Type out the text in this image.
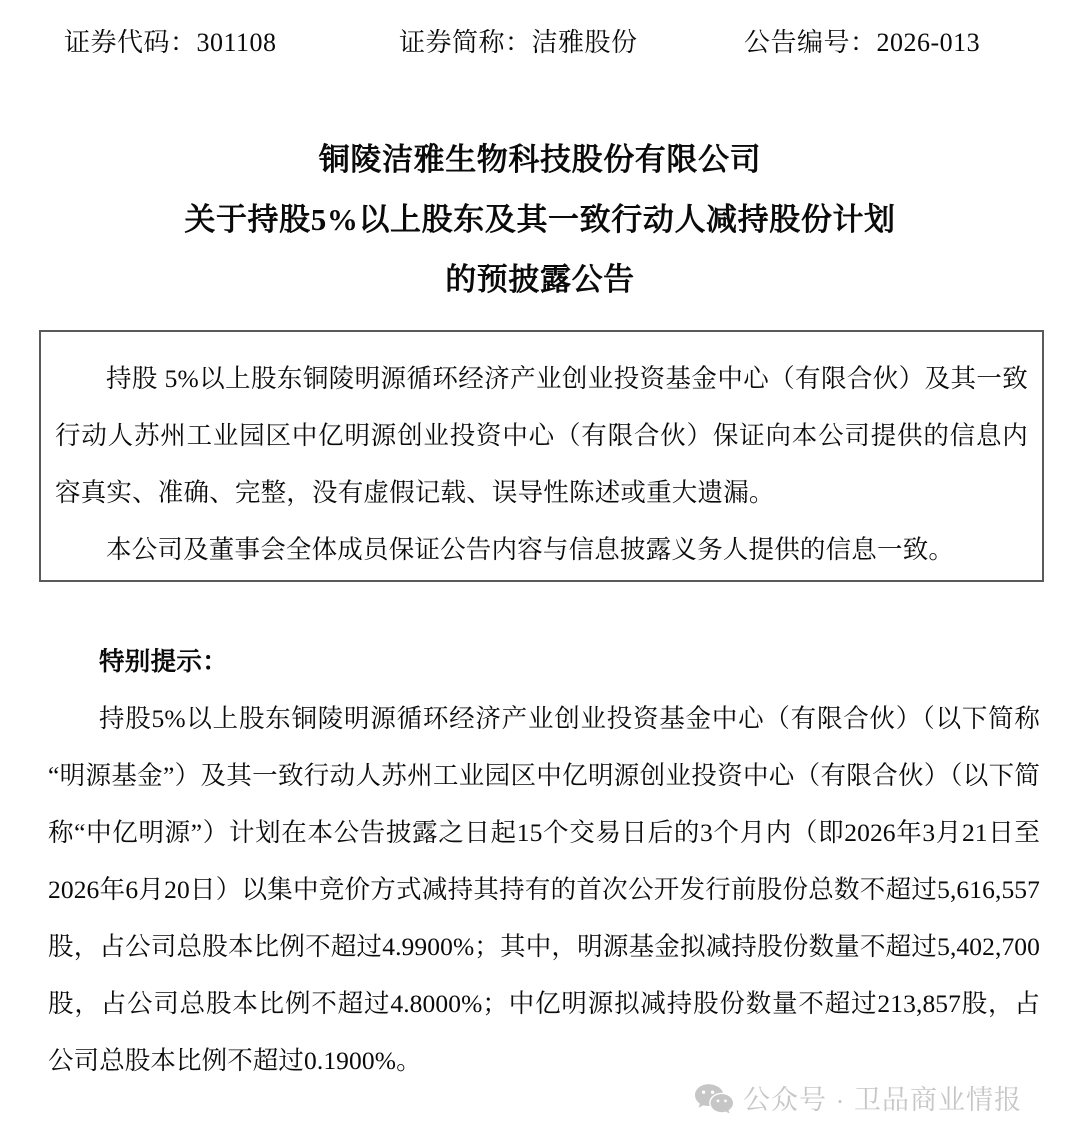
证券代码：301108	证券简称：洁雅股份	公告编号：2026-013
铜陵洁雅生物科技股份有限公司
关于持股5%以上股东及其一致行动人减持股份计划
的预披露公告

持股 5%以上股东铜陵明源循环经济产业创业投资基金中心（有限合伙）及其一致行动人苏州工业园区中亿明源创业投资中心（有限合伙）保证向本公司提供的信息内容真实、准确、完整，没有虚假记载、误导性陈述或重大遗漏。

本公司及董事会全体成员保证公告内容与信息披露义务人提供的信息一致。

特别提示：

持股5%以上股东铜陵明源循环经济产业创业投资基金中心（有限合伙）（以下简称“明源基金”）及其一致行动人苏州工业园区中亿明源创业投资中心（有限合伙）（以下简称“中亿明源”）计划在本公告披露之日起15个交易日后的3个月内（即2026年3月21日至2026年6月20日）以集中竞价方式减持其持有的首次公开发行前股份总数不超过5,616,557股，占公司总股本比例不超过4.9900%；其中，明源基金拟减持股份数量不超过5,402,700股，占公司总股本比例不超过4.8000%；中亿明源拟减持股份数量不超过213,857股，占公司总股本比例不超过0.1900%。

公众号 · 卫品商业情报
